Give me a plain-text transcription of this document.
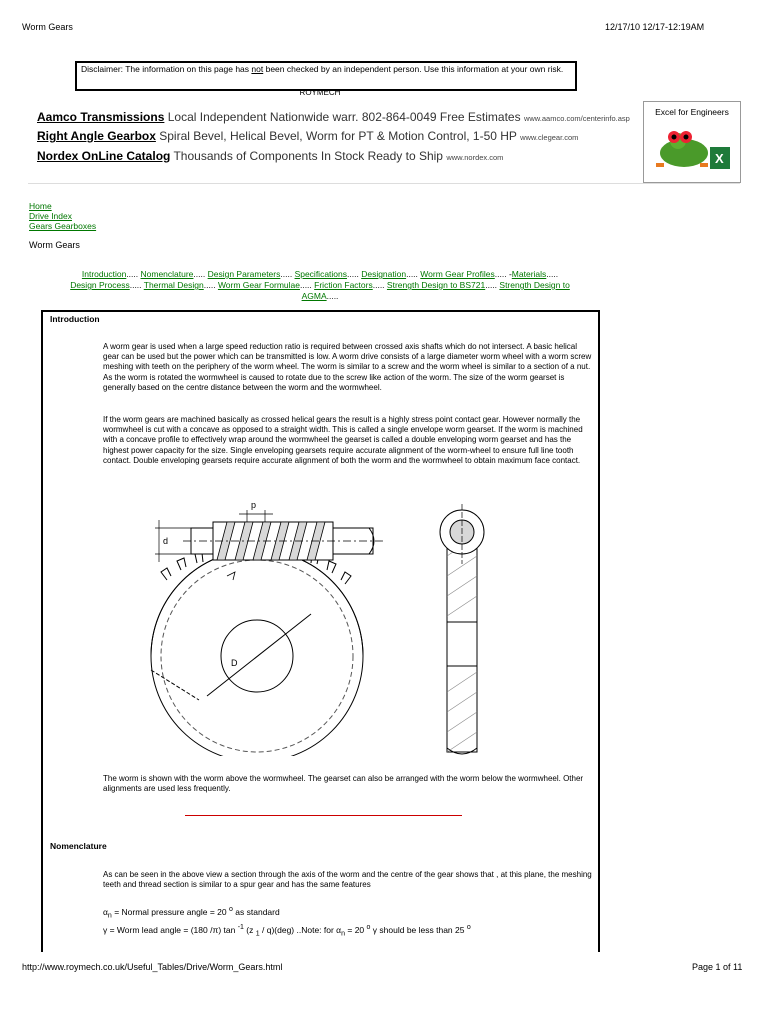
Worm Gears	12/17/10 12/17-12:19AM
Disclaimer: The information on this page has not been checked by an independent person. Use this information at your own risk.
ROYMECH
Aamco Transmissions Local Independent Nationwide warr. 802-864-0049 Free Estimates www.aamco.com/centerinfo.asp
Right Angle Gearbox Spiral Bevel, Helical Bevel, Worm for PT & Motion Control, 1-50 HP www.clegear.com
Nordex OnLine Catalog Thousands of Components In Stock Ready to Ship www.nordex.com
Excel for Engineers
X
Home
Drive Index
Gears Gearboxes
Worm Gears
Introduction..... Nomenclature..... Design Parameters..... Specifications..... Designation..... Worm Gear Profiles..... -Materials.....
Design Process..... Thermal Design..... Worm Gear Formulae..... Friction Factors..... Strength Design to BS721..... Strength Design to
AGMA.....
Introduction
A worm gear is used when a large speed reduction ratio is required between crossed axis shafts which do not intersect. A basic helical gear can be used but the power which can be transmitted is low. A worm drive consists of a large diameter worm wheel with a worm screw meshing with teeth on the periphery of the worm wheel. The worm is similar to a screw and the worm wheel is similar to a section of a nut. As the worm is rotated the wormwheel is caused to rotate due to the screw like action of the worm. The size of the worm gearset is generally based on the centre distance between the worm and the wormwheel.
If the worm gears are machined basically as crossed helical gears the result is a highly stress point contact gear. However normally the wormwheel is cut with a concave as opposed to a straight width. This is called a single envelope worm gearset. If the worm is machined with a concave profile to effectively wrap around the wormwheel the gearset is called a double enveloping worm gearset and has the highest power capacity for the size. Single enveloping gearsets require accurate alignment of the worm-wheel to ensure full line tooth contact. Double enveloping gearsets require accurate alignment of both the worm and the wormwheel to obtain maximum face contact.
p
d
D
The worm is shown with the worm above the wormwheel. The gearset can also be arranged with the worm below the wormwheel. Other alignments are used less frequently.
Nomenclature
As can be seen in the above view a section through the axis of the worm and the centre of the gear shows that , at this plane, the meshing teeth and thread section is similar to a spur gear and has the same features
$\alpha_n$ = Normal pressure angle = 20 $^o$ as standard
γ = Worm lead angle = (180 /π) tan $^{-1}$ (z $_1$ / q)(deg) ..Note: for $\alpha_n = 20$ $^o$ γ should be less than 25 $^o$
http://www.roymech.co.uk/Useful_Tables/Drive/Worm_Gears.html	Page 1 of 11
